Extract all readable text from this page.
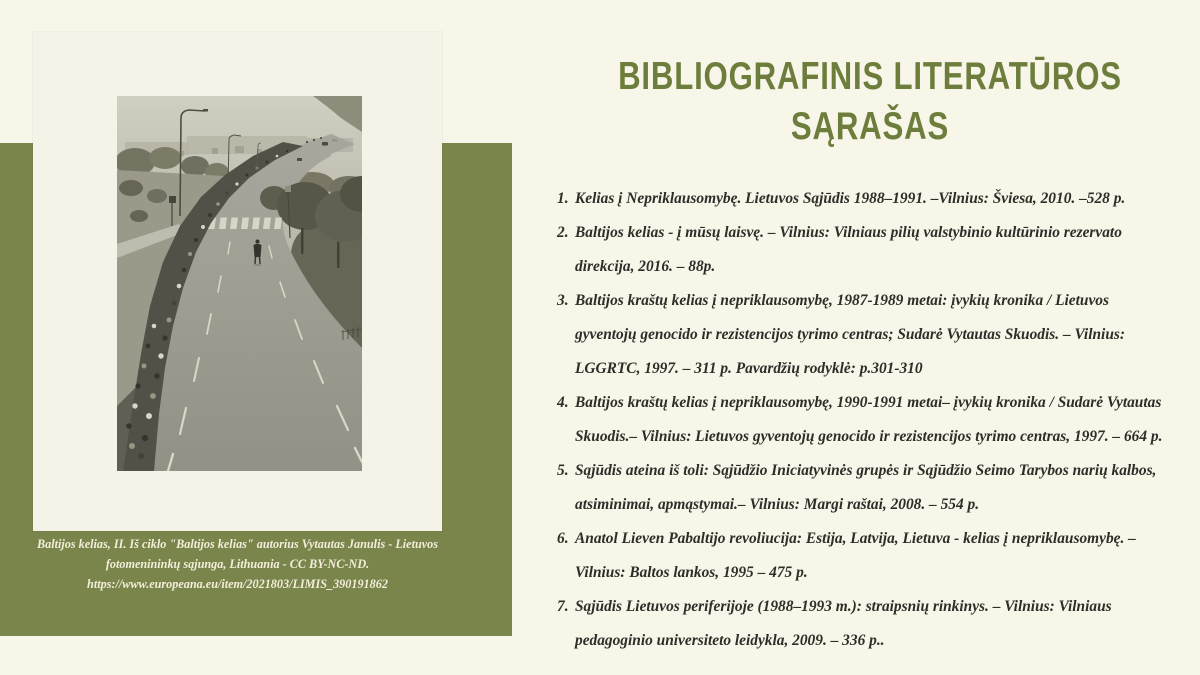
Baltijos kelias, II. Iš ciklo "Baltijos kelias" autorius Vytautas Janulis - Lietuvos
fotomenininkų sąjunga, Lithuania - CC BY-NC-ND.
https://www.europeana.eu/item/2021803/LIMIS_390191862
BIBLIOGRAFINIS LITERATŪROS
SĄRAŠAS
1. Kelias į Nepriklausomybę. Lietuvos Sąjūdis 1988–1991. –Vilnius: Šviesa, 2010. –528 p.
2. Baltijos kelias - į mūsų laisvę. – Vilnius: Vilniaus pilių valstybinio kultūrinio rezervato direkcija, 2016. – 88p.
3. Baltijos kraštų kelias į nepriklausomybę, 1987-1989 metai: įvykių kronika / Lietuvos gyventojų genocido ir rezistencijos tyrimo centras; Sudarė Vytautas Skuodis. – Vilnius: LGGRTC, 1997. – 311 p. Pavardžių rodyklė: p.301-310
4. Baltijos kraštų kelias į nepriklausomybę, 1990-1991 metai– įvykių kronika / Sudarė Vytautas Skuodis.– Vilnius: Lietuvos gyventojų genocido ir rezistencijos tyrimo centras, 1997. – 664 p.
5. Sąjūdis ateina iš toli: Sąjūdžio Iniciatyvinės grupės ir Sąjūdžio Seimo Tarybos narių kalbos, atsiminimai, apmąstymai.– Vilnius: Margi raštai, 2008. – 554 p.
6. Anatol Lieven Pabaltijo revoliucija: Estija, Latvija, Lietuva - kelias į nepriklausomybę. – Vilnius: Baltos lankos, 1995 – 475 p.
7. Sąjūdis Lietuvos periferijoje (1988–1993 m.): straipsnių rinkinys. – Vilnius: Vilniaus pedagoginio universiteto leidykla, 2009. – 336 p..
